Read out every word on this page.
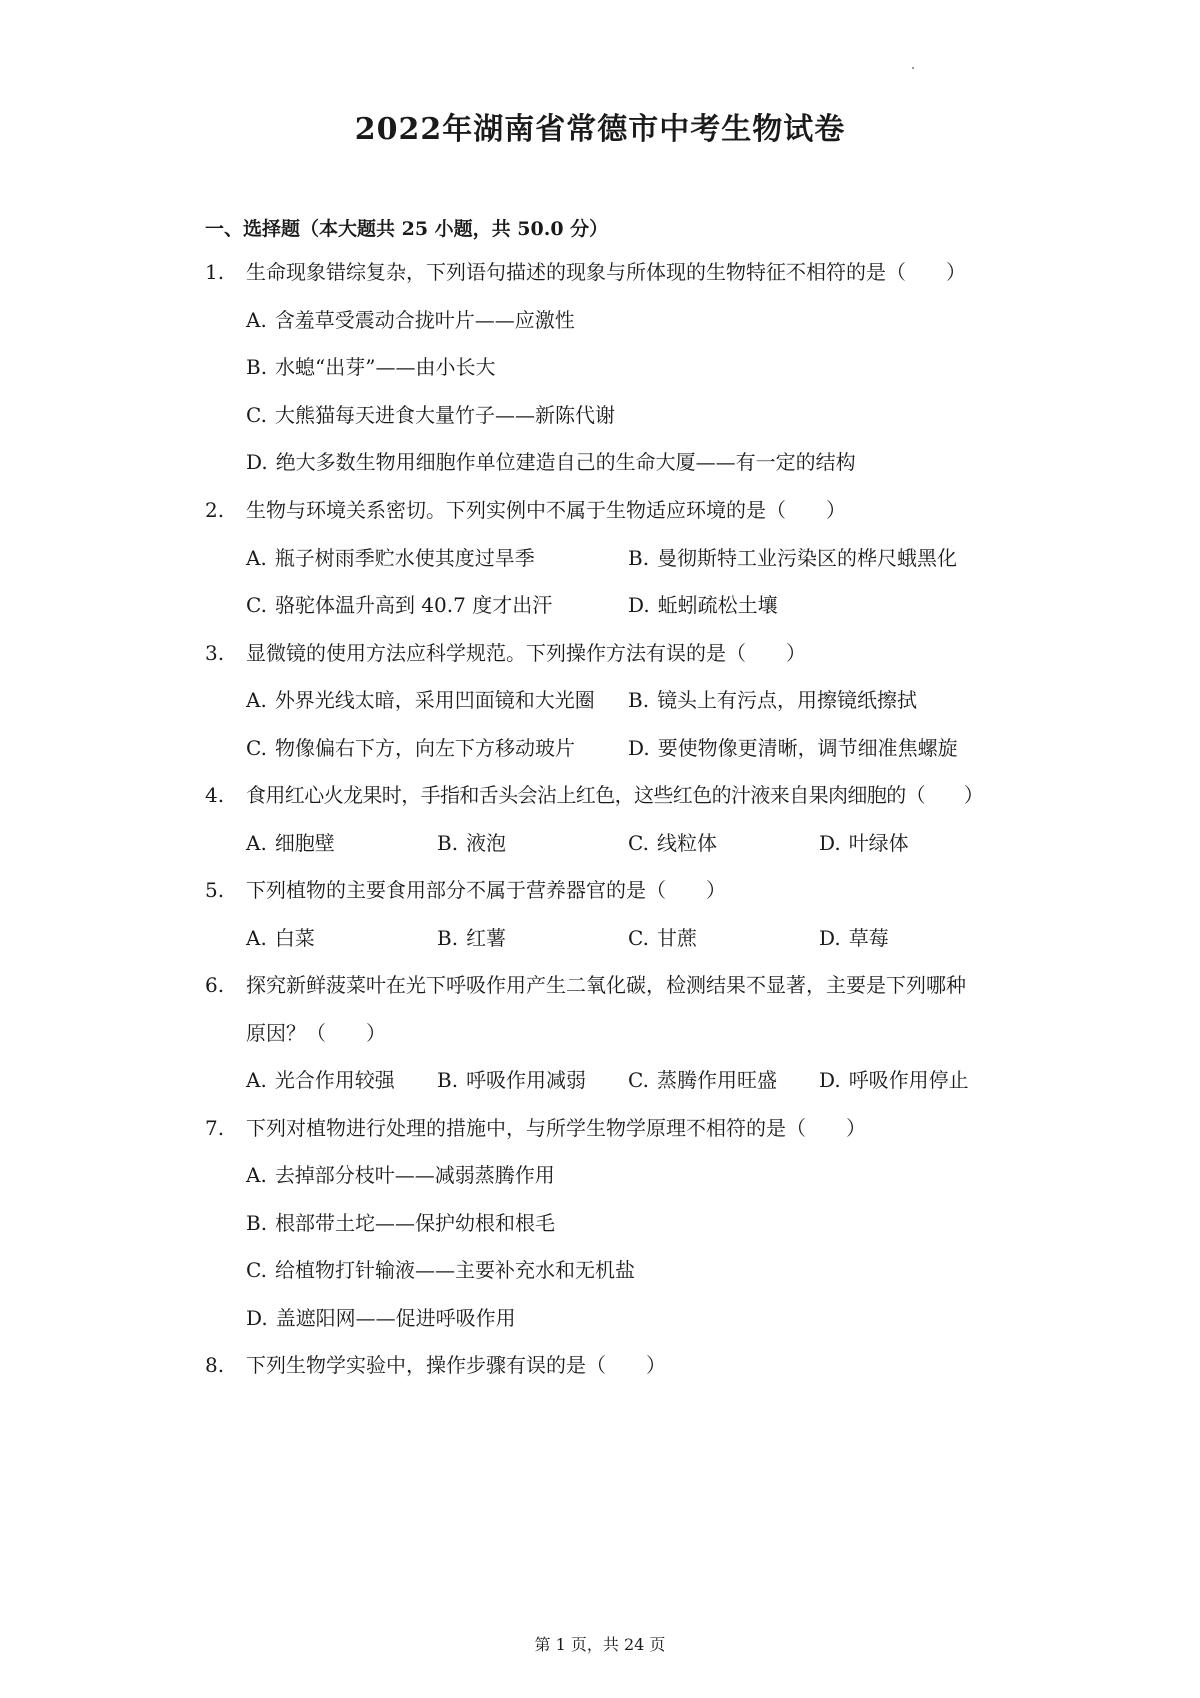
2022年湖南省常德市中考生物试卷
一、选择题（本大题共 25 小题，共 50.0 分）
1.	生命现象错综复杂，下列语句描述的现象与所体现的生物特征不相符的是（　　）
A. 含羞草受震动合拢叶片——应激性
B. 水螅“出芽”——由小长大
C. 大熊猫每天进食大量竹子——新陈代谢
D. 绝大多数生物用细胞作单位建造自己的生命大厦——有一定的结构
2.	生物与环境关系密切。下列实例中不属于生物适应环境的是（　　）
A. 瓶子树雨季贮水使其度过旱季	B. 曼彻斯特工业污染区的桦尺蛾黑化
C. 骆驼体温升高到 40.7 度才出汗	D. 蚯蚓疏松土壤
3.	显微镜的使用方法应科学规范。下列操作方法有误的是（　　）
A. 外界光线太暗，采用凹面镜和大光圈 B. 镜头上有污点，用擦镜纸擦拭
C. 物像偏右下方，向左下方移动玻片	D. 要使物像更清晰，调节细准焦螺旋
4.	食用红心火龙果时，手指和舌头会沾上红色，这些红色的汁液来自果肉细胞的（　　）
A. 细胞壁	B. 液泡	C. 线粒体	D. 叶绿体
5.	下列植物的主要食用部分不属于营养器官的是（　　）
A. 白菜	B. 红薯	C. 甘蔗	D. 草莓
6.	探究新鲜菠菜叶在光下呼吸作用产生二氧化碳，检测结果不显著，主要是下列哪种
原因？（　　）
A. 光合作用较强 B. 呼吸作用减弱 C. 蒸腾作用旺盛 D. 呼吸作用停止
7.	下列对植物进行处理的措施中，与所学生物学原理不相符的是（　　）
A. 去掉部分枝叶——减弱蒸腾作用
B. 根部带土坨——保护幼根和根毛
C. 给植物打针输液——主要补充水和无机盐
D. 盖遮阳网——促进呼吸作用
8.	下列生物学实验中，操作步骤有误的是（　　）
第 1 页，共 24 页
